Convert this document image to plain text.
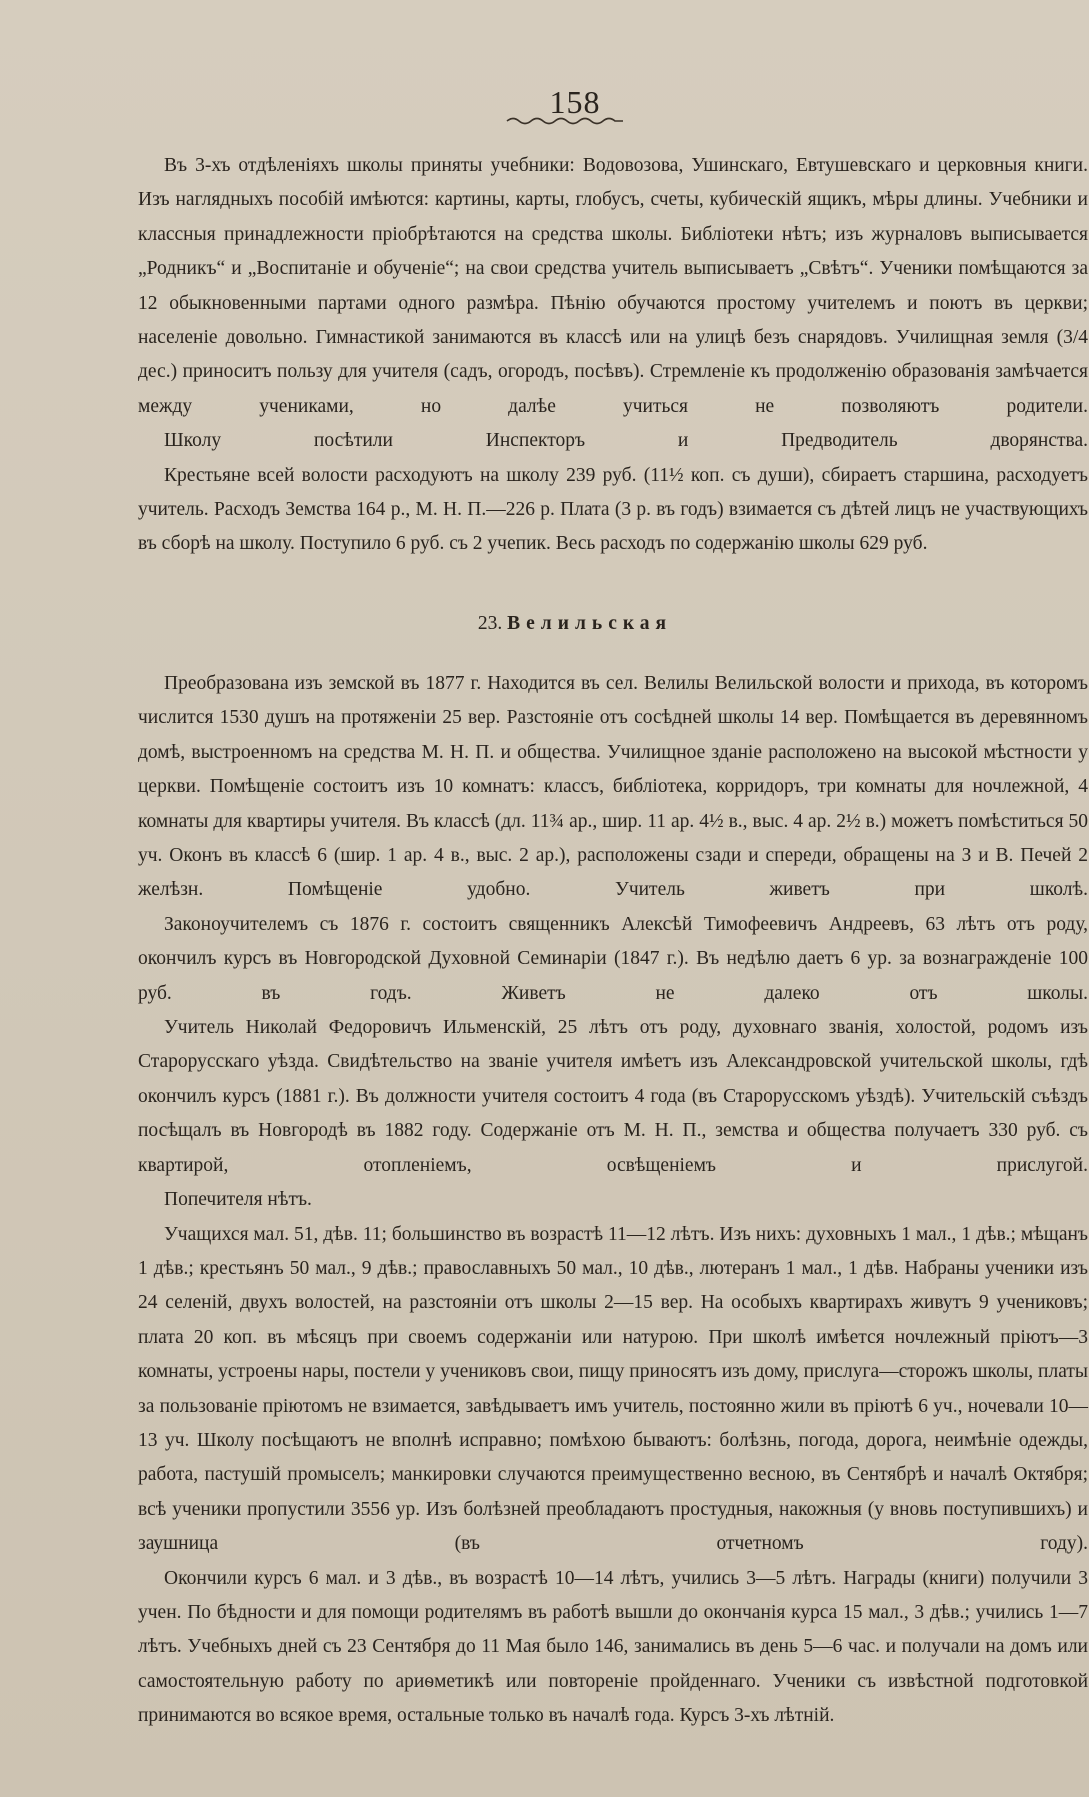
158

Въ 3-хъ отдѣленіяхъ школы приняты учебники: Водовозова, Ушинскаго, Евтушевскаго и церковныя книги. Изъ наглядныхъ пособій имѣются: картины, карты, глобусъ, счеты, кубическій ящикъ, мѣры длины. Учебники и классныя принадлежности пріобрѣтаются на средства школы. Библіотеки нѣтъ; изъ журналовъ выписывается „Родникъ“ и „Воспитаніе и обученіе“; на свои средства учитель выписываетъ „Свѣтъ“. Ученики помѣщаются за 12 обыкновенными партами одного размѣра. Пѣнію обучаются простому учителемъ и поютъ въ церкви; населеніе довольно. Гимнастикой занимаются въ классѣ или на улицѣ безъ снарядовъ. Училищная земля (3/4 дес.) приноситъ пользу для учителя (садъ, огородъ, посѣвъ). Стремленіе къ продолженію образованія замѣчается между учениками, но далѣе учиться не позволяютъ родители.

Школу посѣтили Инспекторъ и Предводитель дворянства.

Крестьяне всей волости расходуютъ на школу 239 руб. (11½ коп. съ души), сбираетъ старшина, расходуетъ учитель. Расходъ Земства 164 р., М. Н. П.—226 р. Плата (3 р. въ годъ) взимается съ дѣтей лицъ не участвующихъ въ сборѣ на школу. Поступило 6 руб. съ 2 учепик. Весь расходъ по содержанію школы 629 руб.

23. Велильская

Преобразована изъ земской въ 1877 г. Находится въ сел. Велилы Велильской волости и прихода, въ которомъ числится 1530 душъ на протяженіи 25 вер. Разстояніе отъ сосѣдней школы 14 вер. Помѣщается въ деревянномъ домѣ, выстроенномъ на средства М. Н. П. и общества. Училищное зданіе расположено на высокой мѣстности у церкви. Помѣщеніе состоитъ изъ 10 комнатъ: классъ, библіотека, корридоръ, три комнаты для ночлежной, 4 комнаты для квартиры учителя. Въ классѣ (дл. 11¾ ар., шир. 11 ар. 4½ в., выс. 4 ар. 2½ в.) можетъ помѣститься 50 уч. Оконъ въ классѣ 6 (шир. 1 ар. 4 в., выс. 2 ар.), расположены сзади и спереди, обращены на З и В. Печей 2 желѣзн. Помѣщеніе удобно. Учитель живетъ при школѣ.

Законоучителемъ съ 1876 г. состоитъ священникъ Алексѣй Тимофеевичъ Андреевъ, 63 лѣтъ отъ роду, окончилъ курсъ въ Новгородской Духовной Семинаріи (1847 г.). Въ недѣлю даетъ 6 ур. за вознагражденіе 100 руб. въ годъ. Живетъ не далеко отъ школы.

Учитель Николай Федоровичъ Ильменскій, 25 лѣтъ отъ роду, духовнаго званія, холостой, родомъ изъ Старорусскаго уѣзда. Свидѣтельство на званіе учителя имѣетъ изъ Александровской учительской школы, гдѣ окончилъ курсъ (1881 г.). Въ должности учителя состоитъ 4 года (въ Старорусскомъ уѣздѣ). Учительскій съѣздъ посѣщалъ въ Новгородѣ въ 1882 году. Содержаніе отъ М. Н. П., земства и общества получаетъ 330 руб. съ квартирой, отопленіемъ, освѣщеніемъ и прислугой.

Попечителя нѣтъ.

Учащихся мал. 51, дѣв. 11; большинство въ возрастѣ 11—12 лѣтъ. Изъ нихъ: духовныхъ 1 мал., 1 дѣв.; мѣщанъ 1 дѣв.; крестьянъ 50 мал., 9 дѣв.; православныхъ 50 мал., 10 дѣв., лютеранъ 1 мал., 1 дѣв. Набраны ученики изъ 24 селеній, двухъ волостей, на разстояніи отъ школы 2—15 вер. На особыхъ квартирахъ живутъ 9 учениковъ; плата 20 коп. въ мѣсяцъ при своемъ содержаніи или натурою. При школѣ имѣется ночлежный пріютъ—3 комнаты, устроены нары, постели у учениковъ свои, пищу приносятъ изъ дому, прислуга—сторожъ школы, платы за пользованіе пріютомъ не взимается, завѣдываетъ имъ учитель, постоянно жили въ пріютѣ 6 уч., ночевали 10—13 уч. Школу посѣщаютъ не вполнѣ исправно; помѣхою бываютъ: болѣзнь, погода, дорога, неимѣніе одежды, работа, пастушій промыселъ; манкировки случаются преимущественно весною, въ Сентябрѣ и началѣ Октября; всѣ ученики пропустили 3556 ур. Изъ болѣзней преобладаютъ простудныя, накожныя (у вновь поступившихъ) и заушница (въ отчетномъ году).

Окончили курсъ 6 мал. и 3 дѣв., въ возрастѣ 10—14 лѣтъ, учились 3—5 лѣтъ. Награды (книги) получили 3 учен. По бѣдности и для помощи родителямъ въ работѣ вышли до окончанія курса 15 мал., 3 дѣв.; учились 1—7 лѣтъ. Учебныхъ дней съ 23 Сентября до 11 Мая было 146, занимались въ день 5—6 час. и получали на домъ или самостоятельную работу по ариѳметикѣ или повтореніе пройденнаго. Ученики съ извѣстной подготовкой принимаются во всякое время, остальные только въ началѣ года. Курсъ 3-хъ лѣтній.
